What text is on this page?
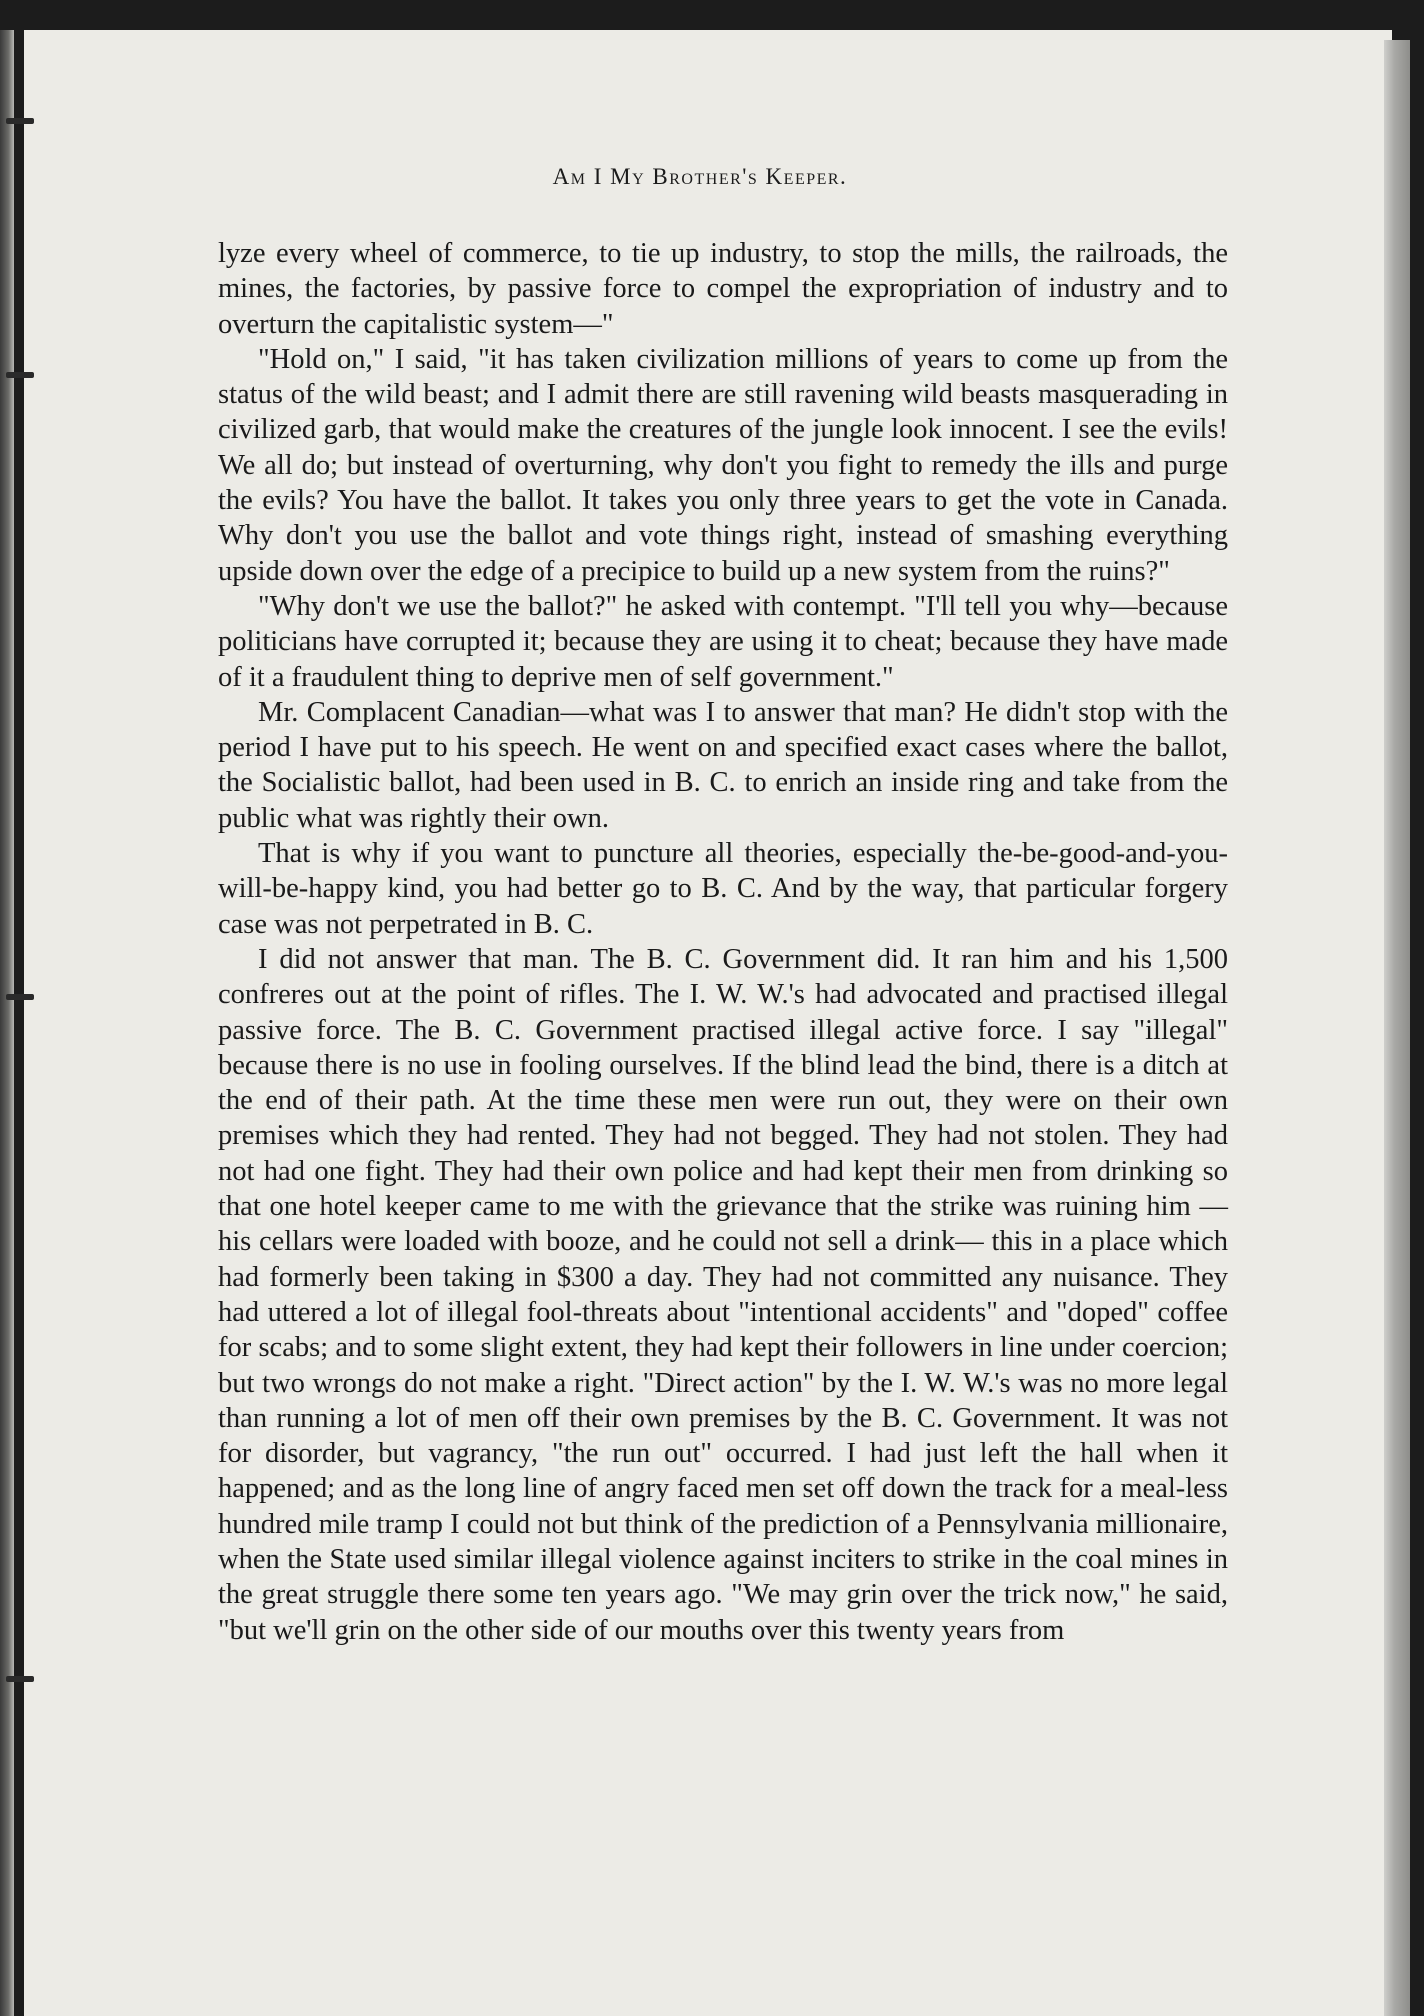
Am I My Brother's Keeper.

lyze every wheel of commerce, to tie up industry, to stop the mills, the railroads, the mines, the factories, by passive force to compel the expropriation of industry and to overturn the capitalistic system—"

"Hold on," I said, "it has taken civilization millions of years to come up from the status of the wild beast; and I admit there are still ravening wild beasts masquerading in civilized garb, that would make the creatures of the jungle look innocent. I see the evils! We all do; but instead of overturning, why don't you fight to remedy the ills and purge the evils? You have the ballot. It takes you only three years to get the vote in Canada. Why don't you use the ballot and vote things right, instead of smashing everything upside down over the edge of a precipice to build up a new system from the ruins?"

"Why don't we use the ballot?" he asked with contempt. "I'll tell you why—because politicians have corrupted it; because they are using it to cheat; because they have made of it a fraudulent thing to deprive men of self government."

Mr. Complacent Canadian—what was I to answer that man? He didn't stop with the period I have put to his speech. He went on and specified exact cases where the ballot, the Socialistic ballot, had been used in B. C. to enrich an inside ring and take from the public what was rightly their own.

That is why if you want to puncture all theories, especially the-be-good-and-you-will-be-happy kind, you had better go to B. C. And by the way, that particular forgery case was not perpetrated in B. C.

I did not answer that man. The B. C. Government did. It ran him and his 1,500 confreres out at the point of rifles. The I. W. W.'s had advocated and practised illegal passive force. The B. C. Government practised illegal active force. I say "illegal" because there is no use in fooling ourselves. If the blind lead the bind, there is a ditch at the end of their path. At the time these men were run out, they were on their own premises which they had rented. They had not begged. They had not stolen. They had not had one fight. They had their own police and had kept their men from drinking so that one hotel keeper came to me with the grievance that the strike was ruining him —his cellars were loaded with booze, and he could not sell a drink— this in a place which had formerly been taking in $300 a day. They had not committed any nuisance. They had uttered a lot of illegal fool-threats about "intentional accidents" and "doped" coffee for scabs; and to some slight extent, they had kept their followers in line under coercion; but two wrongs do not make a right. "Direct action" by the I. W. W.'s was no more legal than running a lot of men off their own premises by the B. C. Government. It was not for disorder, but vagrancy, "the run out" occurred. I had just left the hall when it happened; and as the long line of angry faced men set off down the track for a meal-less hundred mile tramp I could not but think of the prediction of a Pennsylvania millionaire, when the State used similar illegal violence against inciters to strike in the coal mines in the great struggle there some ten years ago. "We may grin over the trick now," he said, "but we'll grin on the other side of our mouths over this twenty years from
